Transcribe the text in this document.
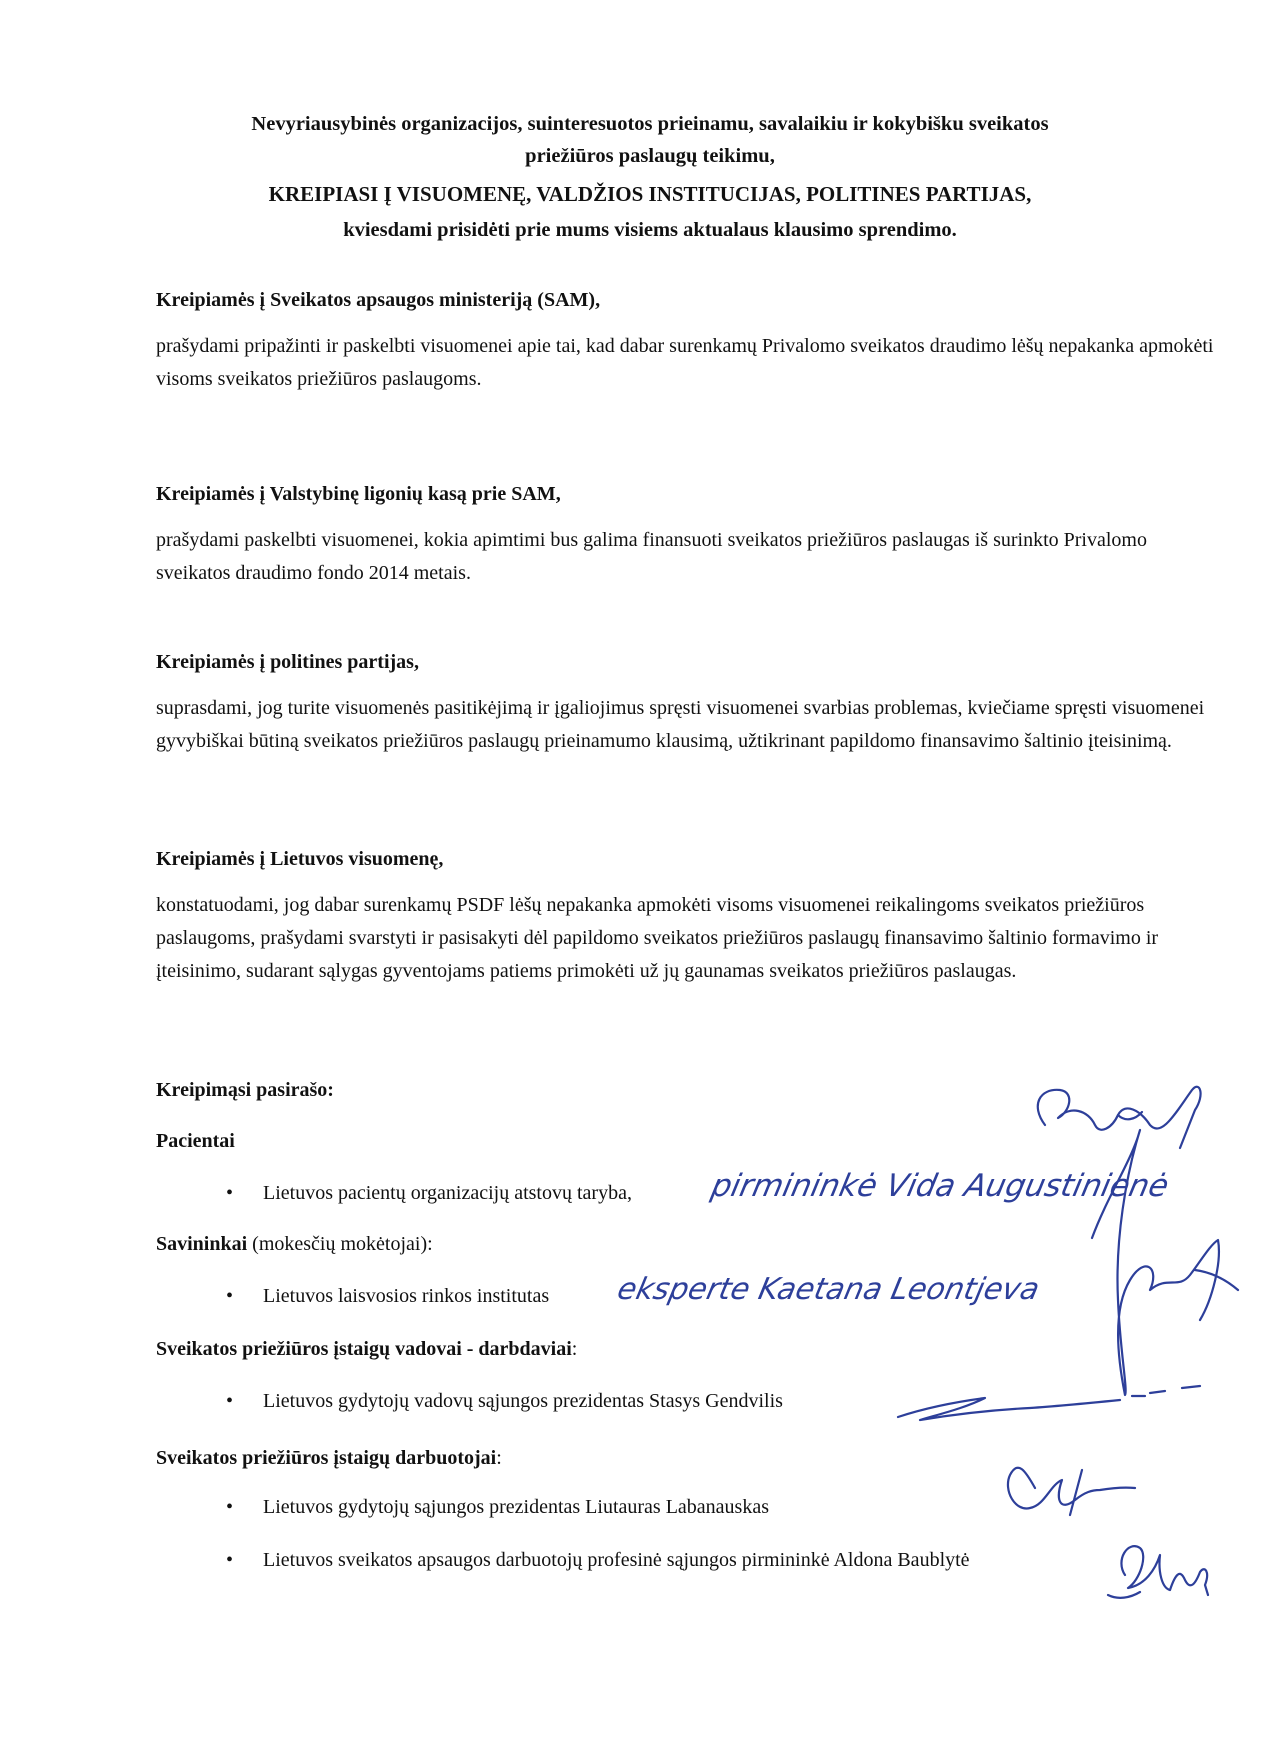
Nevyriausybinės organizacijos, suinteresuotos prieinamu, savalaikiu ir kokybišku sveikatos
priežiūros paslaugų teikimu,
KREIPIASI Į VISUOMENĘ, VALDŽIOS INSTITUCIJAS, POLITINES PARTIJAS,
kviesdami prisidėti prie mums visiems aktualaus klausimo sprendimo.
Kreipiamės į Sveikatos apsaugos ministeriją (SAM),
prašydami pripažinti ir paskelbti visuomenei apie tai, kad dabar surenkamų Privalomo sveikatos draudimo lėšų nepakanka apmokėti visoms sveikatos priežiūros paslaugoms.
Kreipiamės į Valstybinę ligonių kasą prie SAM,
prašydami paskelbti visuomenei, kokia apimtimi bus galima finansuoti sveikatos priežiūros paslaugas iš surinkto Privalomo sveikatos draudimo fondo 2014 metais.
Kreipiamės į politines partijas,
suprasdami, jog turite visuomenės pasitikėjimą ir įgaliojimus spręsti visuomenei svarbias problemas, kviečiame spręsti visuomenei gyvybiškai būtiną sveikatos priežiūros paslaugų prieinamumo klausimą, užtikrinant papildomo finansavimo šaltinio įteisinimą.
Kreipiamės į Lietuvos visuomenę,
konstatuodami, jog dabar surenkamų PSDF lėšų nepakanka apmokėti visoms visuomenei reikalingoms sveikatos priežiūros paslaugoms, prašydami svarstyti ir pasisakyti dėl papildomo sveikatos priežiūros paslaugų finansavimo šaltinio formavimo ir įteisinimo, sudarant sąlygas gyventojams patiems primokėti už jų gaunamas sveikatos priežiūros paslaugas.
Kreipimąsi pasirašo:
Pacientai
• Lietuvos pacientų organizacijų atstovų taryba, pirmininkė Vida Augustinienė
Savininkai (mokesčių mokėtojai):
• Lietuvos laisvosios rinkos institutas eksperte Kaetana Leontjeva
Sveikatos priežiūros įstaigų vadovai - darbdaviai:
• Lietuvos gydytojų vadovų sąjungos prezidentas Stasys Gendvilis
Sveikatos priežiūros įstaigų darbuotojai:
• Lietuvos gydytojų sąjungos prezidentas Liutauras Labanauskas
• Lietuvos sveikatos apsaugos darbuotojų profesinė sąjungos pirmininkė Aldona Baublytė
